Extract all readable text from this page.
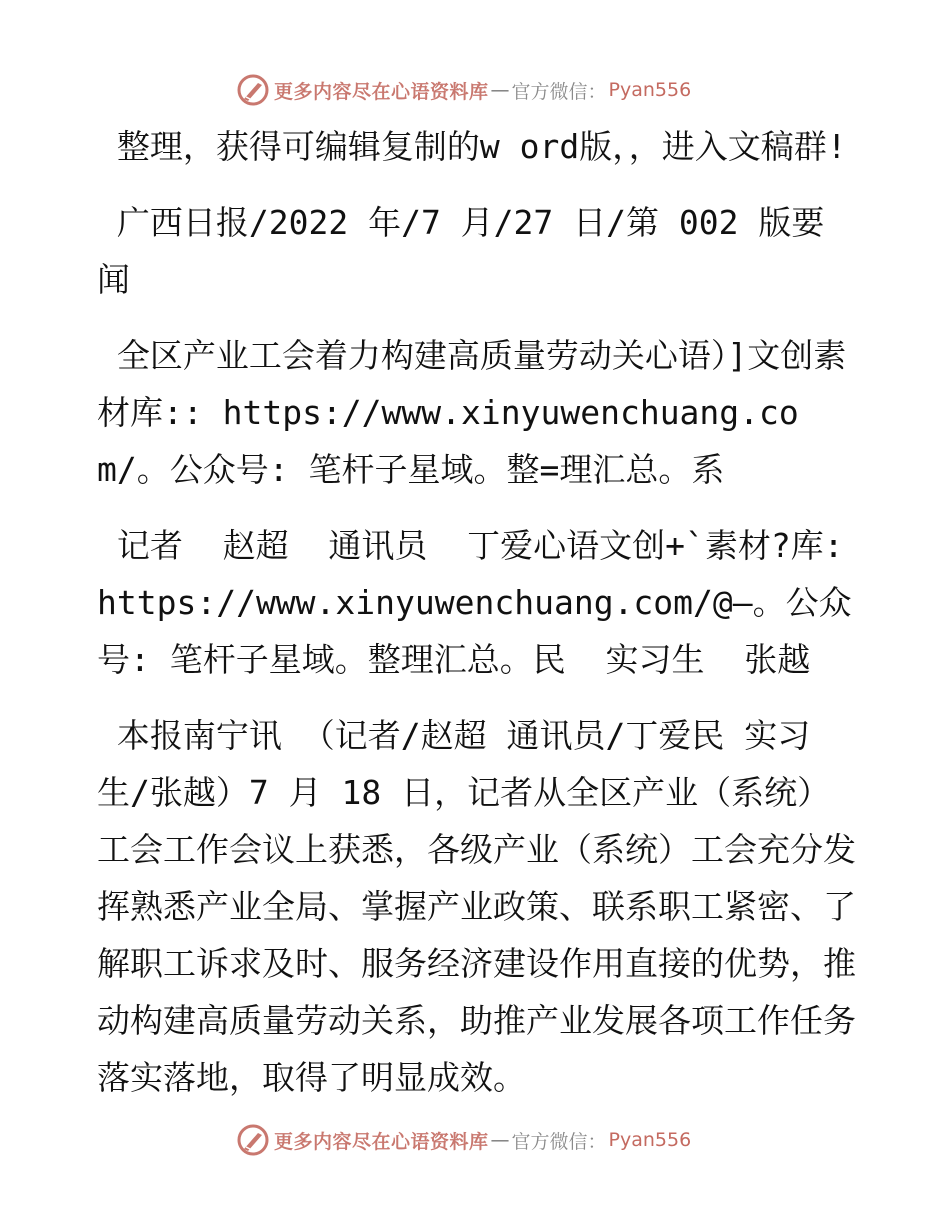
更多内容尽在心语资料库 — 官方微信： Pyan556

整理，获得可编辑复制的w ord版，，进入文稿群!

广西日报/2022 年/7 月/27 日/第 002 版要闻

全区产业工会着力构建高质量劳动关心语）]文创素材库:: https://www.xinyuwenchuang.com/。公众号: 笔杆子星域。整=理汇总。系

记者  赵超  通讯员  丁爱心语文创+`素材?库: https://www.xinyuwenchuang.com/@—。公众号: 笔杆子星域。整理汇总。民  实习生  张越

本报南宁讯 （记者/赵超 通讯员/丁爱民 实习生/张越）7 月 18 日，记者从全区产业（系统）工会工作会议上获悉，各级产业（系统）工会充分发挥熟悉产业全局、掌握产业政策、联系职工紧密、了解职工诉求及时、服务经济建设作用直接的优势，推动构建高质量劳动关系，助推产业发展各项工作任务落实落地，取得了明显成效。

更多内容尽在心语资料库 — 官方微信： Pyan556
